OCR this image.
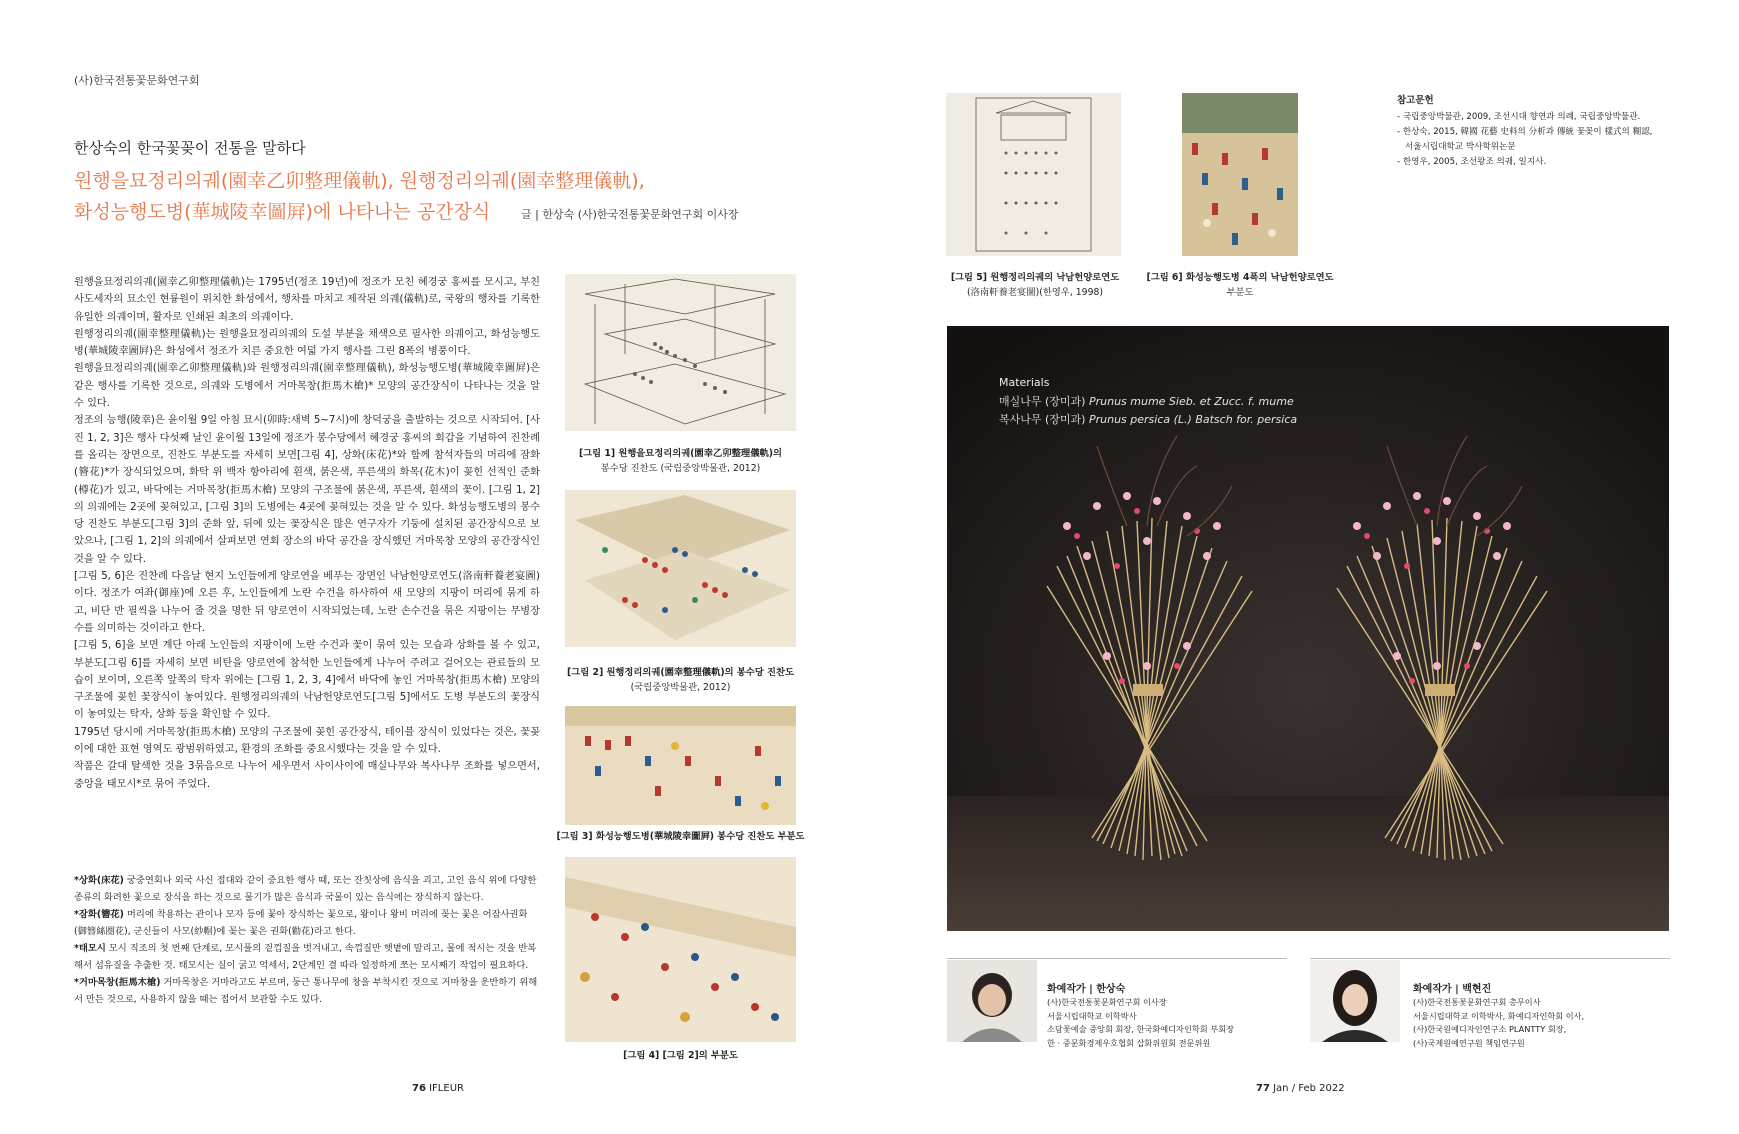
(사)한국전통꽃문화연구회
한상숙의 한국꽃꽂이 전통을 말하다
원행을묘정리의궤(園幸乙卯整理儀軌), 원행정리의궤(園幸整理儀軌),
화성능행도병(華城陵幸圖屛)에 나타나는 공간장식	글 | 한상숙 (사)한국전통꽃문화연구회 이사장

원행을묘정리의궤(園幸乙卯整理儀軌)는 1795년(정조 19년)에 정조가 모친 혜경궁 홍씨를 모시고, 부친 사도세자의 묘소인 현륭원이 위치한 화성에서, 행차를 마치고 제작된 의궤(儀軌)로, 국왕의 행차를 기록한 유일한 의궤이며, 활자로 인쇄된 최초의 의궤이다.

원행정리의궤(園幸整理儀軌)는 원행을묘정리의궤의 도설 부분을 채색으로 필사한 의궤이고, 화성능행도병(華城陵幸圖屛)은 화성에서 정조가 치른 중요한 여덟 가지 행사를 그린 8폭의 병풍이다.

원행을묘정리의궤(園幸乙卯整理儀軌)와 원행정리의궤(園幸整理儀軌), 화성능행도병(華城陵幸圖屛)은 같은 행사를 기록한 것으로, 의궤와 도병에서 거마목창(拒馬木槍)* 모양의 공간장식이 나타나는 것을 알 수 있다.

정조의 능행(陵幸)은 윤이월 9일 아침 묘시(卯時:새벽 5~7시)에 창덕궁을 출발하는 것으로 시작되어. [사진 1, 2, 3]은 행사 다섯째 날인 윤이월 13일에 정조가 봉수당에서 혜경궁 홍씨의 회갑을 기념하여 진찬례를 올리는 장면으로, 진찬도 부분도를 자세히 보면[그림 4], 상화(床花)*와 함께 참석자들의 머리에 잠화(簪花)*가 장식되었으며, 화탁 위 백자 항아리에 흰색, 붉은색, 푸른색의 화목(花木)이 꽂힌 선적인 준화(樽花)가 있고, 바닥에는 거마목창(拒馬木槍) 모양의 구조물에 붉은색, 푸른색, 흰색의 꽃이. [그림 1, 2]의 의궤에는 2곳에 꽂혀있고, [그림 3]의 도병에는 4곳에 꽂혀있는 것을 알 수 있다. 화성능행도병의 봉수당 진찬도 부분도[그림 3]의 준화 앞, 뒤에 있는 꽃장식은 많은 연구자가 기둥에 설치된 공간장식으로 보았으나, [그림 1, 2]의 의궤에서 살펴보면 연회 장소의 바닥 공간을 장식했던 거마목창 모양의 공간장식인 것을 알 수 있다.

[그림 5, 6]은 진찬례 다음날 현지 노인들에게 양로연을 베푸는 장면인 낙남헌양로연도(洛南軒養老宴圖)이다. 정조가 여좌(御座)에 오른 후, 노인들에게 노란 수건을 하사하여 새 모양의 지팡이 머리에 묶게 하고, 비단 반 필씩을 나누어 줄 것을 명한 뒤 양로연이 시작되었는데, 노란 손수건을 묶은 지팡이는 무병장수를 의미하는 것이라고 한다.

[그림 5, 6]을 보면 계단 아래 노인들의 지팡이에 노란 수건과 꽃이 묶여 있는 모습과 상화를 볼 수 있고, 부분도[그림 6]를 자세히 보면 비탄을 양로연에 참석한 노인들에게 나누어 주려고 걸어오는 관료들의 모습이 보이며, 오른쪽 앞쪽의 탁자 위에는 [그림 1, 2, 3, 4]에서 바닥에 놓인 거마목창(拒馬木槍) 모양의 구조물에 꽂힌 꽃장식이 놓여있다. 원행정리의궤의 낙남헌양로연도[그림 5]에서도 도병 부분도의 꽃장식이 놓여있는 탁자, 상화 등을 확인할 수 있다.

1795년 당시에 거마목창(拒馬木槍) 모양의 구조물에 꽂힌 공간장식, 테이블 장식이 있었다는 것은, 꽃꽂이에 대한 표현 영역도 광범위하였고, 환경의 조화를 중요시했다는 것을 알 수 있다.

작품은 갈대 탈색한 것을 3묶음으로 나누어 세우면서 사이사이에 매실나무와 복사나무 조화를 넣으면서, 중앙을 태모시*로 묶어 주었다.

*상화(床花) 궁중연회나 외국 사신 접대와 같이 중요한 행사 때, 또는 잔칫상에 음식을 괴고, 고인 음식 위에 다양한 종류의 화려한 꽃으로 장식을 하는 것으로 물기가 많은 음식과 국물이 있는 음식에는 장식하지 않는다.

*잠화(簪花) 머리에 착용하는 관이나 모자 등에 꽃아 장식하는 꽃으로, 왕이나 왕비 머리에 꽂는 꽃은 어잠사권화(御簪絲圈花), 군신들이 사모(紗帽)에 꽂는 꽃은 권화(勸花)라고 한다.

*태모시 모시 직조의 첫 번째 단계로, 모시풀의 겉껍질을 벗겨내고, 속껍질만 햇볕에 말리고, 물에 적시는 것을 반복해서 섬유질을 추출한 것. 태모시는 실이 굵고 억세서, 2단계인 결 따라 일정하게 쪼는 모시째기 작업이 필요하다.

*거마목창(拒馬木槍) 거마목창은 거마라고도 부르며, 둥근 통나무에 창을 부착시킨 것으로 거마창을 운반하기 위해서 만든 것으로, 사용하지 않을 때는 접어서 보관할 수도 있다.

[그림 1] 원행을묘정리의궤(園幸乙卯整理儀軌)의
봉수당 진찬도 (국립중앙박물관, 2012)
[그림 2] 원행정리의궤(園幸整理儀軌)의 봉수당 진찬도
(국립중앙박물관, 2012)
[그림 3] 화성능행도병(華城陵幸圖屛) 봉수당 진찬도 부분도
[그림 4] [그림 2]의 부분도
76 IFLEUR
[그림 5] 원행정리의궤의 낙남헌양로연도
(洛南軒養老宴圖)(한영우, 1998)
[그림 6] 화성능행도병 4폭의 낙남헌양로연도
부분도
참고문헌
- 국립중앙박물관, 2009, 조선시대 향연과 의례, 국립중앙박물관.
- 한상숙, 2015, 韓國 花藝 史料의 分析과 傳統 꽃꽂이 樣式의 糊認,
서울시립대학교 박사학위논문
- 한영우, 2005, 조선왕조 의궤, 일지사.
Materials
매실나무 (장미과) Prunus mume Sieb. et Zucc. f. mume
복사나무 (장미과) Prunus persica (L.) Batsch for. persica
화예작가 | 한상숙
(사)한국전통꽃문화연구회 이사장
서울시립대학교 이학박사
소담꽃예술 중앙회 회장, 한국화예디자인학회 부회장
한 · 중문화경제우호협회 삽화위원회 전문위원
화예작가 | 백현진
(사)한국전통꽃문화연구회 총무이사
서울시립대학교 이학박사, 화예디자인학회 이사,
(사)한국원예디자인연구소 PLANTTY 회장,
(사)국제원예연구원 책임연구원
77 Jan / Feb 2022
